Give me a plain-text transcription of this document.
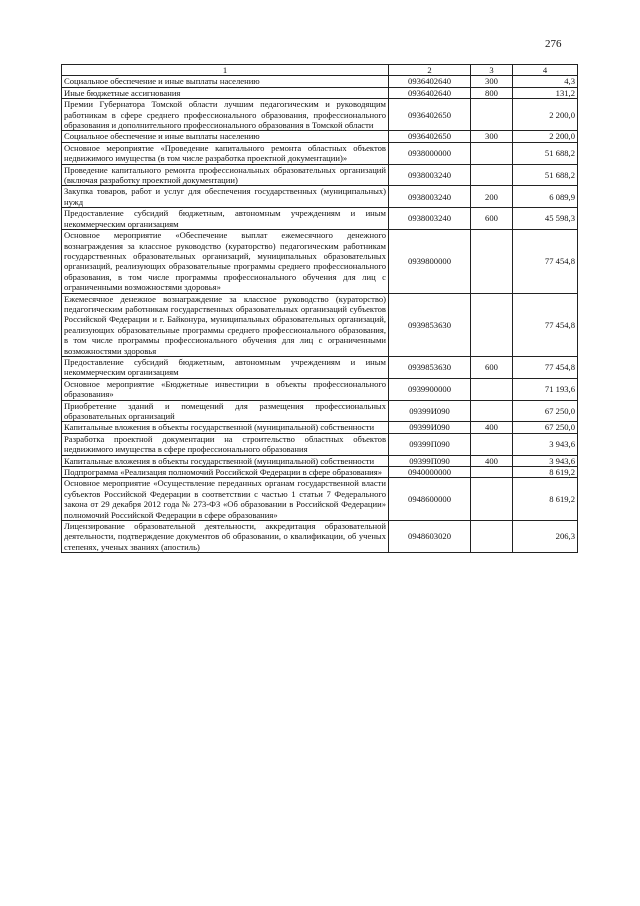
276
1	2	3	4
Социальное обеспечение и иные выплаты населению	0936402640	300	4,3
Иные бюджетные ассигнования	0936402640	800	131,2
Премии Губернатора Томской области лучшим педагогическим и руководящим работникам в сфере среднего профессионального образования, профессионального образования и дополнительного профессионального образования в Томской области	0936402650		2 200,0
Социальное обеспечение и иные выплаты населению	0936402650	300	2 200,0
Основное мероприятие «Проведение капитального ремонта областных объектов недвижимого имущества (в том числе разработка проектной документации)»	0938000000		51 688,2
Проведение капитального ремонта профессиональных образовательных организаций (включая разработку проектной документации)	0938003240		51 688,2
Закупка товаров, работ и услуг для обеспечения государственных (муниципальных) нужд	0938003240	200	6 089,9
Предоставление субсидий бюджетным, автономным учреждениям и иным некоммерческим организациям	0938003240	600	45 598,3
Основное мероприятие «Обеспечение выплат ежемесячного денежного вознаграждения за классное руководство (кураторство) педагогическим работникам государственных образовательных организаций, муниципальных образовательных организаций, реализующих образовательные программы среднего профессионального образования, в том числе программы профессионального обучения для лиц с ограниченными возможностями здоровья»	0939800000		77 454,8
Ежемесячное денежное вознаграждение за классное руководство (кураторство) педагогическим работникам государственных образовательных организаций субъектов Российской Федерации и г. Байконура, муниципальных образовательных организаций, реализующих образовательные программы среднего профессионального образования, в том числе программы профессионального обучения для лиц с ограниченными возможностями здоровья	0939853630		77 454,8
Предоставление субсидий бюджетным, автономным учреждениям и иным некоммерческим организациям	0939853630	600	77 454,8
Основное мероприятие «Бюджетные инвестиции в объекты профессионального образования»	0939900000		71 193,6
Приобретение зданий и помещений для размещения профессиональных образовательных организаций	09399И090		67 250,0
Капитальные вложения в объекты государственной (муниципальной) собственности	09399И090	400	67 250,0
Разработка проектной документации на строительство областных объектов недвижимого имущества в сфере профессионального образования	09399П090		3 943,6
Капитальные вложения в объекты государственной (муниципальной) собственности	09399П090	400	3 943,6
Подпрограмма «Реализация полномочий Российской Федерации в сфере образования»	0940000000		8 619,2
Основное мероприятие «Осуществление переданных органам государственной власти субъектов Российской Федерации в соответствии с частью 1 статьи 7 Федерального закона от 29 декабря 2012 года № 273-ФЗ «Об образовании в Российской Федерации» полномочий Российской Федерации в сфере образования»	0948600000		8 619,2
Лицензирование образовательной деятельности, аккредитация образовательной деятельности, подтверждение документов об образовании, о квалификации, об ученых степенях, ученых званиях (апостиль)	0948603020		206,3
